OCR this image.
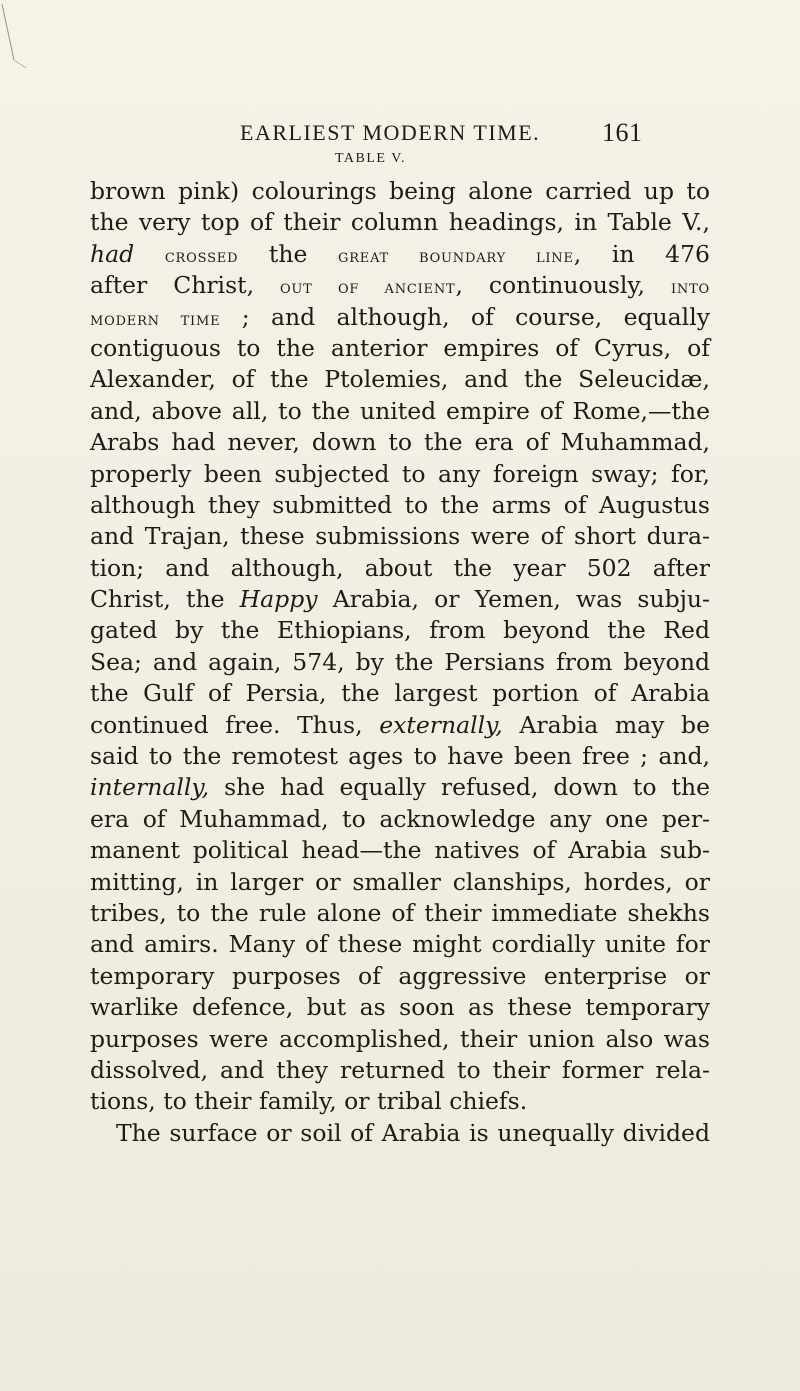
EARLIEST MODERN TIME. 161
TABLE V.
brown pink) colourings being alone carried up to
the very top of their column headings, in Table V.,
had crossed the great boundary line, in 476
after Christ, out of ancient, continuously, into
modern time ; and although, of course, equally
contiguous to the anterior empires of Cyrus, of
Alexander, of the Ptolemies, and the Seleucidæ,
and, above all, to the united empire of Rome,—the
Arabs had never, down to the era of Muhammad,
properly been subjected to any foreign sway; for,
although they submitted to the arms of Augustus
and Trajan, these submissions were of short dura-
tion; and although, about the year 502 after
Christ, the Happy Arabia, or Yemen, was subju-
gated by the Ethiopians, from beyond the Red
Sea; and again, 574, by the Persians from beyond
the Gulf of Persia, the largest portion of Arabia
continued free. Thus, externally, Arabia may be
said to the remotest ages to have been free ; and,
internally, she had equally refused, down to the
era of Muhammad, to acknowledge any one per-
manent political head—the natives of Arabia sub-
mitting, in larger or smaller clanships, hordes, or
tribes, to the rule alone of their immediate shekhs
and amirs. Many of these might cordially unite for
temporary purposes of aggressive enterprise or
warlike defence, but as soon as these temporary
purposes were accomplished, their union also was
dissolved, and they returned to their former rela-
tions, to their family, or tribal chiefs.
The surface or soil of Arabia is unequally divided
